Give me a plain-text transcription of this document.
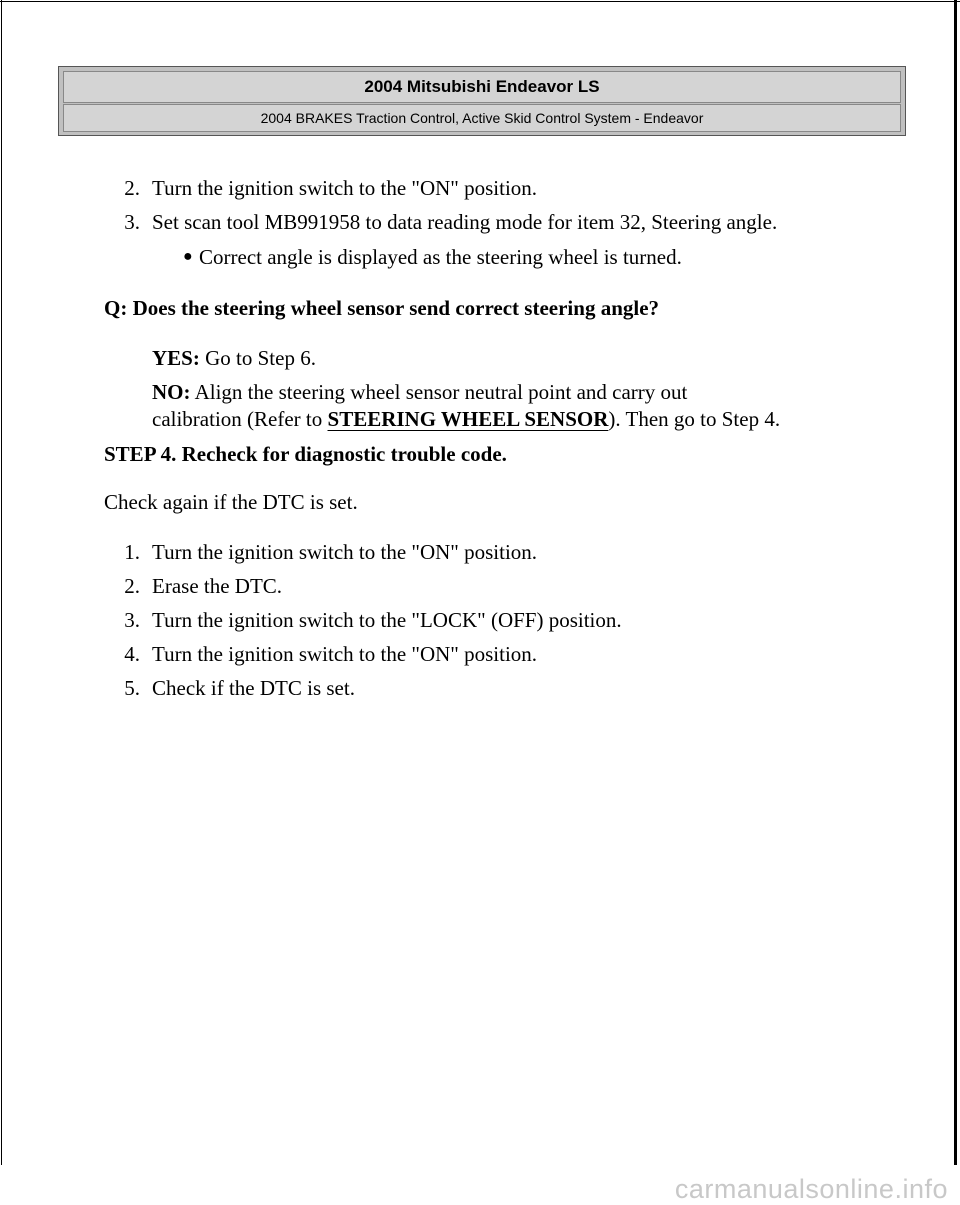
2004 Mitsubishi Endeavor LS
2004 BRAKES Traction Control, Active Skid Control System - Endeavor
2. Turn the ignition switch to the "ON" position.
3. Set scan tool MB991958 to data reading mode for item 32, Steering angle.
● Correct angle is displayed as the steering wheel is turned.
Q: Does the steering wheel sensor send correct steering angle?
YES: Go to Step 6.
NO: Align the steering wheel sensor neutral point and carry out
calibration (Refer to STEERING WHEEL SENSOR). Then go to Step 4.
STEP 4. Recheck for diagnostic trouble code.
Check again if the DTC is set.
1. Turn the ignition switch to the "ON" position.
2. Erase the DTC.
3. Turn the ignition switch to the "LOCK" (OFF) position.
4. Turn the ignition switch to the "ON" position.
5. Check if the DTC is set.
carmanualsonline.info
